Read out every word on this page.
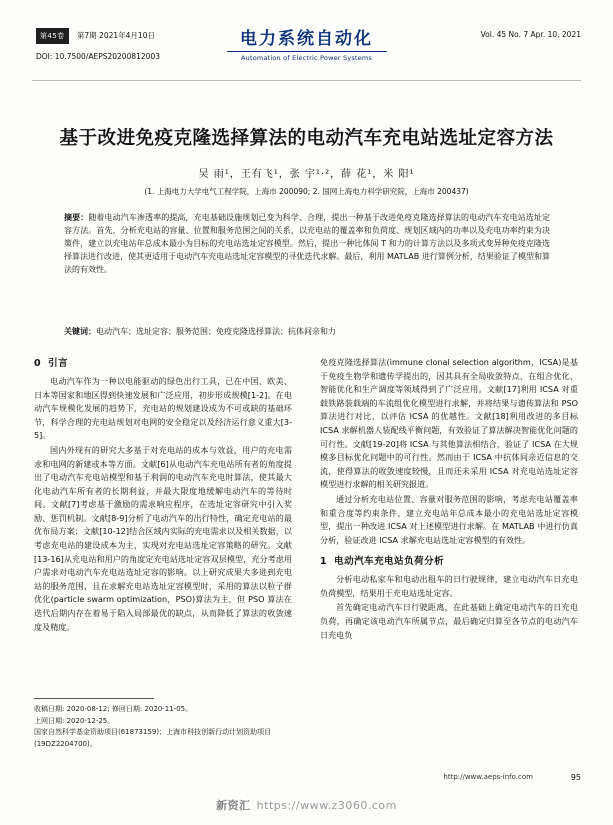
第45卷 第7期 2021年4月10日
DOI: 10.7500/AEPS20200812003
电力系统自动化
Automation of Electric Power Systems
Vol. 45 No. 7 Apr. 10, 2021
基于改进免疫克隆选择算法的电动汽车充电站选址定容方法
吴 雨¹，王有飞¹，张 宇¹·²，薛 花¹，米 阳¹
(1. 上海电力大学电气工程学院，上海市 200090; 2. 国网上海电力科学研究院，上海市 200437)
摘要：随着电动汽车渗透率的提高，充电基础设施规划已变为科学、合理，提出一种基于改进免疫克隆选择算法的电动汽车充电站选址定容方法。首先，分析充电站的容量、位置和服务范围之间的关系，以充电站的覆盖率和负荷度、规划区域内的功率以及充电功率约束为决策件，建立以充电站年总成本最小为目标的充电站选址定容模型。然后，提出一种比体间 T 和力的计算方法以及多项式变异种免疫克隆选择算法进行改进，使其更适用于电动汽车充电站选址定容模型的寻优迭代求解。最后，利用 MATLAB 进行算例分析，结果验证了模型和算法的有效性。
关键词：电动汽车；选址定容；服务范围；免疫克隆选择算法；抗体间亲和力
0 引言

电动汽车作为一种以电能驱动的绿色出行工具，已在中国、欧美、日本等国家和地区得到快速发展和广泛应用，初步形成规模[1-2]。在电动汽车规模化发展的趋势下，充电站的规划建设成为不可或缺的基础环节，科学合理的充电站规划对电网的安全稳定以及经济运行意义重大[3-5]。

国内外现有的研究大多基于对充电站的成本与效益，用户的充电需求和电网的新建或本等方面。文献[6]从电动汽车充电站所有者的角度提出了电动汽车充电站模型和基于利润的电动汽车充电时算法，使其最大化电动汽车所有者的长期利益，并最大限度地缓解电动汽车的等待时间。文献[7]考虑基于激励的需求响应程序，在选址定容研究中引入奖励、惩罚机制。文献[8-9]分析了电动汽车的出行特性，确定充电站的最优布局方案；文献[10-12]结合区域内实际的充电需求以及相关数据，以考虑充电站的建设成本为主，实现对充电站选址定容策略的研究。文献[13-16]从充电站和用户的角度定充电站选址定容双层模型，充分考虑用户需求对电动汽车充电站选址定容的影响。以上研究成果大多进到充电站的服务范围，且在求解充电站选址定容模型时，采用的算法以粒子群优化(particle swarm optimization，PSO)算法为主，但 PSO 算法在迭代后期内存在着易于陷入局部最优的缺点，从而降低了算法的收敛速度及精度。

免疫克隆选择算法(immune clonal selection algorithm，ICSA)是基于免疫生物学和遗传学提出的，因其具有全局收敛特点、在组合优化、智能优化和生产调度等领域得到了广泛应用。文献[17]利用 ICSA 对重载铁路装载端的车流组优化模型进行求解，并将结果与遗传算法和 PSO 算法进行对比，以评估 ICSA 的优越性。文献[18]利用改进的多目标 ICSA 求解机器人装配线平衡问题，有效验证了算法解决智能优化问题的可行性。文献[19-20]将 ICSA 与其他算法相结合，验证了 ICSA 在大规模多目标优化问题中的可行性。然而由于 ICSA 中抗体间亲近信息的交流，使得算法的收敛速度较慢，且而还未采用 ICSA 对充电站选址定容模型进行求解的相关研究报道。

通过分析充电站位置、容量对服务范围的影响，考虑充电站覆盖率和重合度等约束条件，建立充电站年总成本最小的充电站选址定容模型，提出一种改进 ICSA 对上述模型进行求解。在 MATLAB 中进行仿真分析，验证改进 ICSA 求解充电站选址定容模型的有效性。

1 电动汽车充电站负荷分析

分析电动私家车和电动出租车的日行驶规律，建立电动汽车日充电负荷模型，结果用于充电站选址定容。

首先确定电动汽车日行驶距离，在此基础上确定电动汽车的日充电负荷，再确定该电动汽车所属节点，最后确定归算至各节点的电动汽车日充电负

收稿日期: 2020-08-12; 修回日期: 2020-11-05。
上网日期: 2020-12-25。
国家自然科学基金资助项目(61873159)；上海市科技创新行动计划资助项目(19DZ2204700)。
http://www.aeps-info.com	95
新资汇 https://www.z3060.com
